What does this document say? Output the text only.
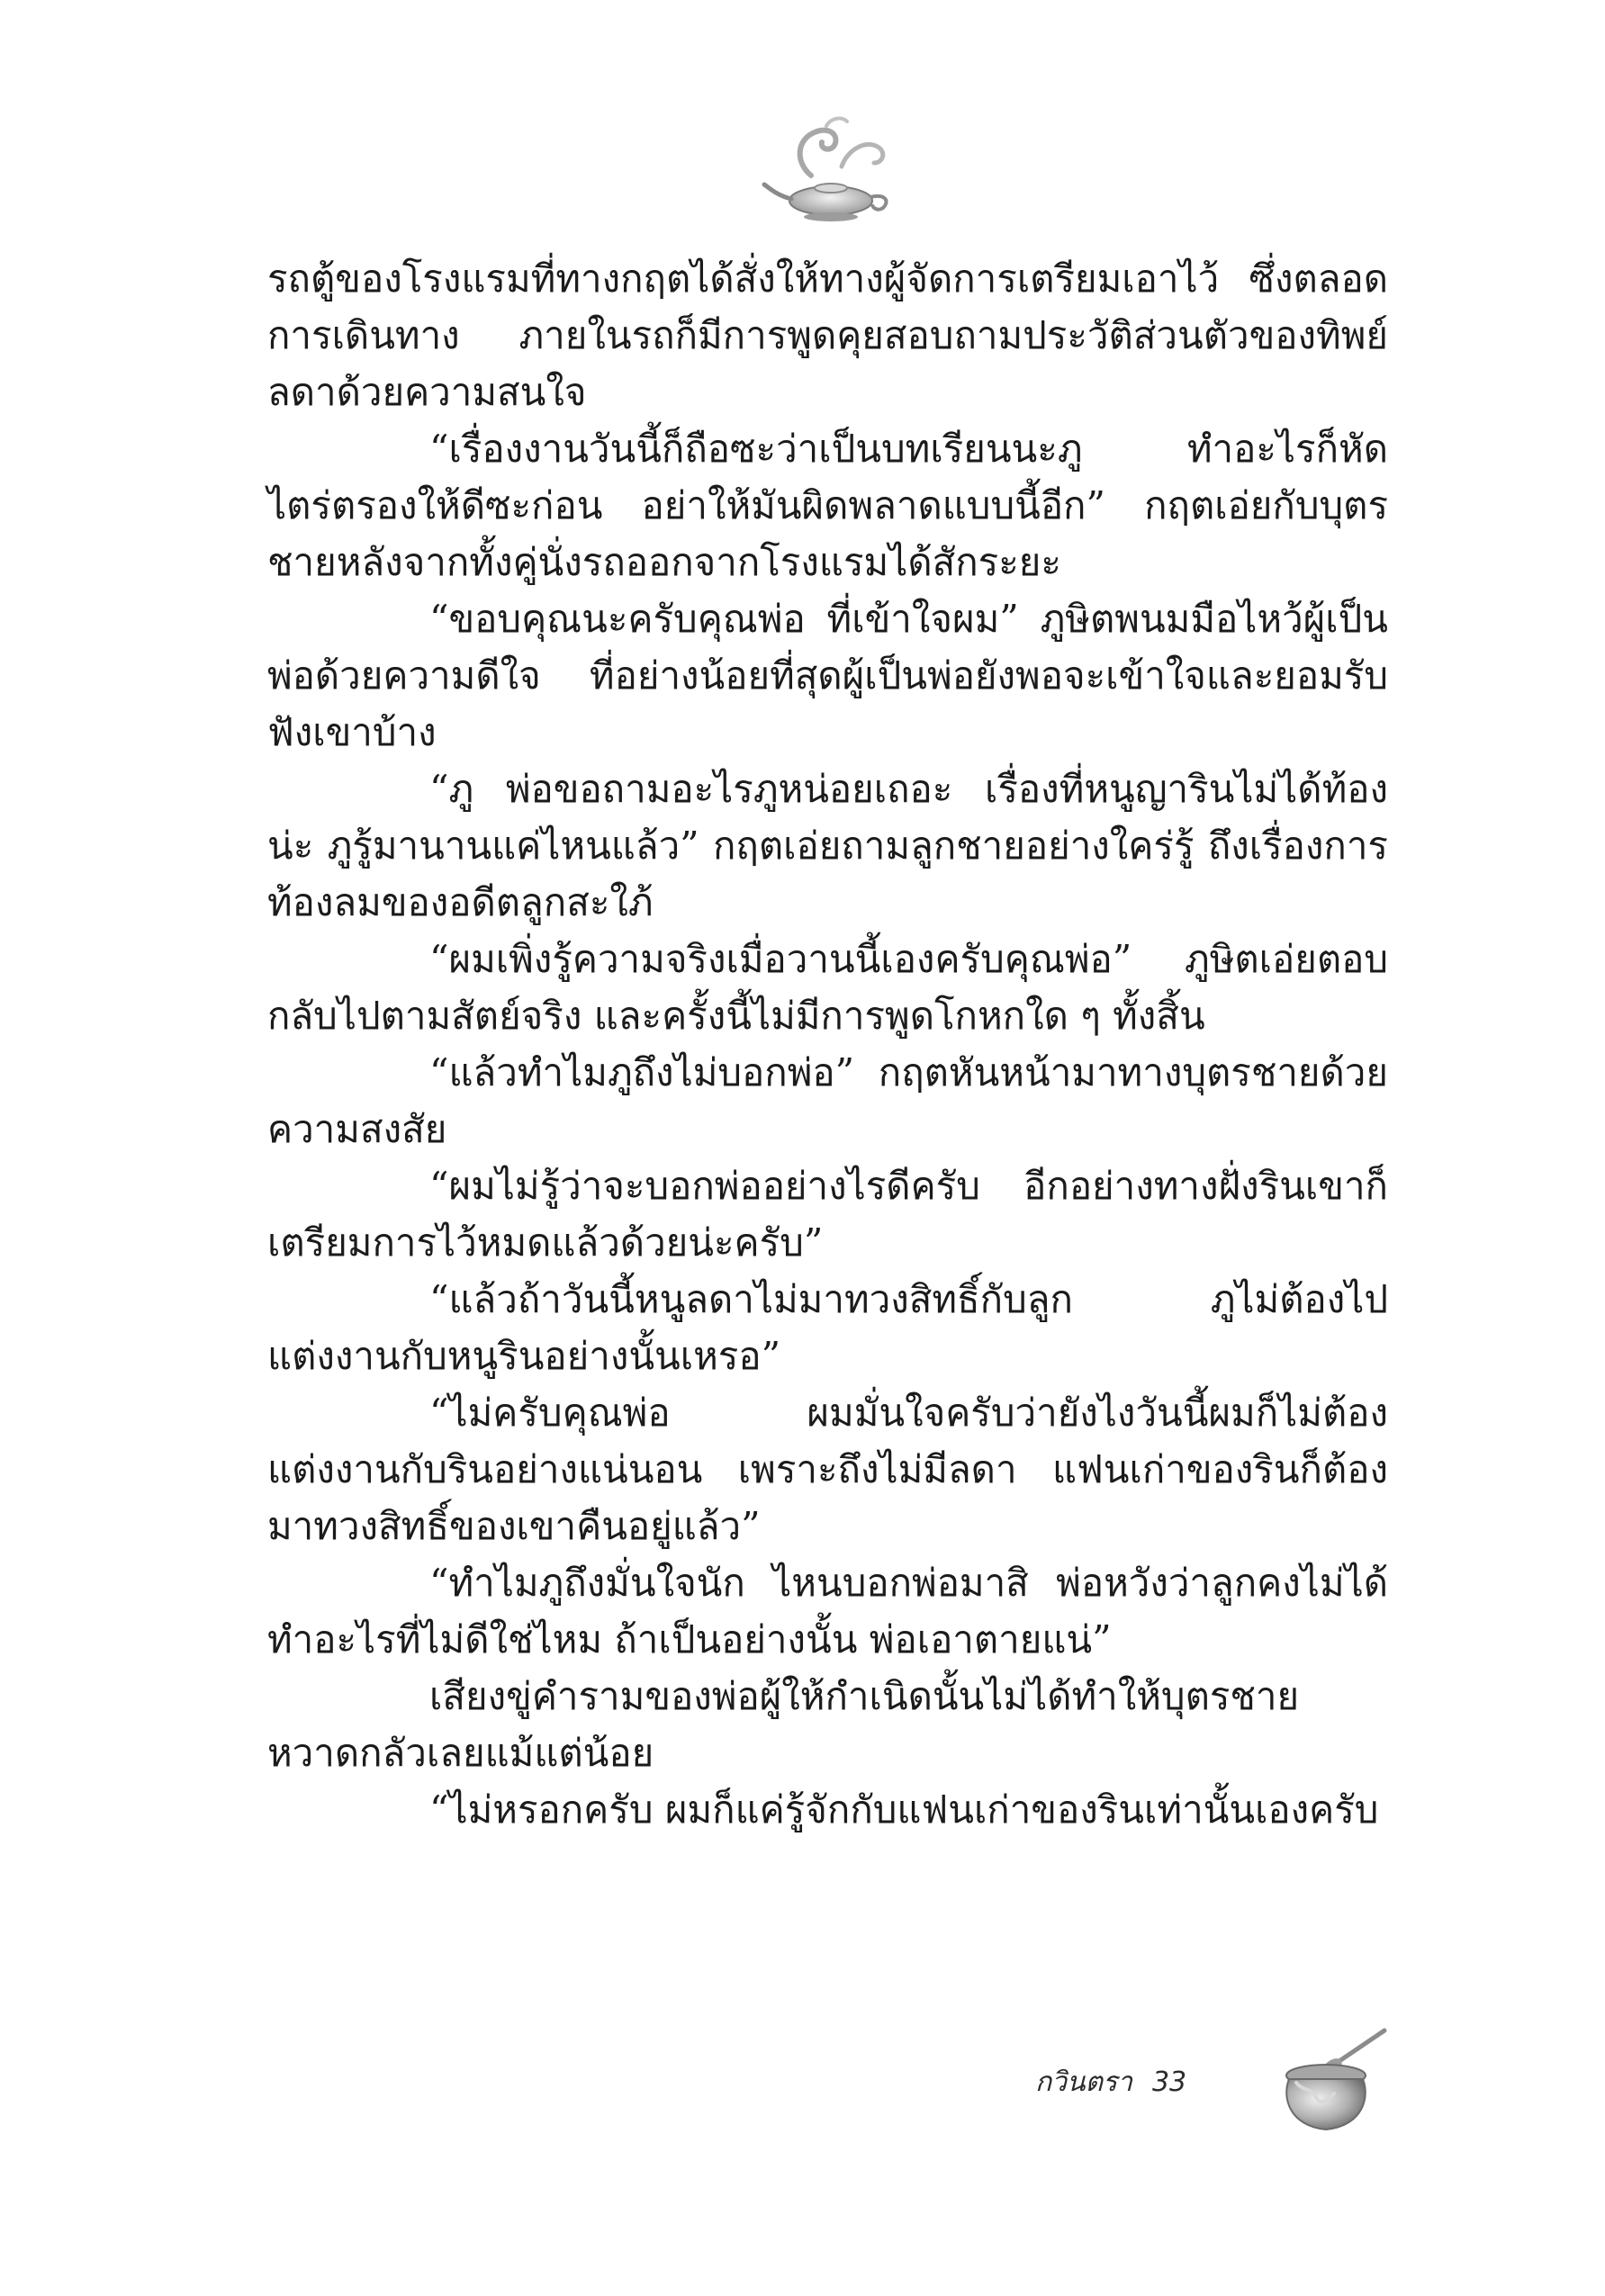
รถตู้ของโรงแรมที่ทางกฤตได้สั่งให้ทางผู้จัดการเตรียมเอาไว้ ซึ่งตลอดการเดินทาง ภายในรถก็มีการพูดคุยสอบถามประวัติส่วนตัวของทิพย์ลดาด้วยความสนใจ

“เรื่องงานวันนี้ก็ถือซะว่าเป็นบทเรียนนะภู ทำอะไรก็หัดไตร่ตรองให้ดีซะก่อน อย่าให้มันผิดพลาดแบบนี้อีก” กฤตเอ่ยกับบุตรชายหลังจากทั้งคู่นั่งรถออกจากโรงแรมได้สักระยะ

“ขอบคุณนะครับคุณพ่อ ที่เข้าใจผม” ภูษิตพนมมือไหว้ผู้เป็นพ่อด้วยความดีใจ ที่อย่างน้อยที่สุดผู้เป็นพ่อยังพอจะเข้าใจและยอมรับฟังเขาบ้าง

“ภู พ่อขอถามอะไรภูหน่อยเถอะ เรื่องที่หนูญารินไม่ได้ท้องน่ะ ภูรู้มานานแค่ไหนแล้ว” กฤตเอ่ยถามลูกชายอย่างใคร่รู้ ถึงเรื่องการท้องลมของอดีตลูกสะใภ้

“ผมเพิ่งรู้ความจริงเมื่อวานนี้เองครับคุณพ่อ” ภูษิตเอ่ยตอบกลับไปตามสัตย์จริง และครั้งนี้ไม่มีการพูดโกหกใด ๆ ทั้งสิ้น

“แล้วทำไมภูถึงไม่บอกพ่อ” กฤตหันหน้ามาทางบุตรชายด้วยความสงสัย

“ผมไม่รู้ว่าจะบอกพ่ออย่างไรดีครับ อีกอย่างทางฝั่งรินเขาก็เตรียมการไว้หมดแล้วด้วยน่ะครับ”

“แล้วถ้าวันนี้หนูลดาไม่มาทวงสิทธิ์กับลูก ภูไม่ต้องไปแต่งงานกับหนูรินอย่างนั้นเหรอ”

“ไม่ครับคุณพ่อ ผมมั่นใจครับว่ายังไงวันนี้ผมก็ไม่ต้องแต่งงานกับรินอย่างแน่นอน เพราะถึงไม่มีลดา แฟนเก่าของรินก็ต้องมาทวงสิทธิ์ของเขาคืนอยู่แล้ว”

“ทำไมภูถึงมั่นใจนัก ไหนบอกพ่อมาสิ พ่อหวังว่าลูกคงไม่ได้ทำอะไรที่ไม่ดีใช่ไหม ถ้าเป็นอย่างนั้น พ่อเอาตายแน่”

เสียงขู่คำรามของพ่อผู้ให้กำเนิดนั้นไม่ได้ทำให้บุตรชายหวาดกลัวเลยแม้แต่น้อย

“ไม่หรอกครับ ผมก็แค่รู้จักกับแฟนเก่าของรินเท่านั้นเองครับ

กวินตรา 33
